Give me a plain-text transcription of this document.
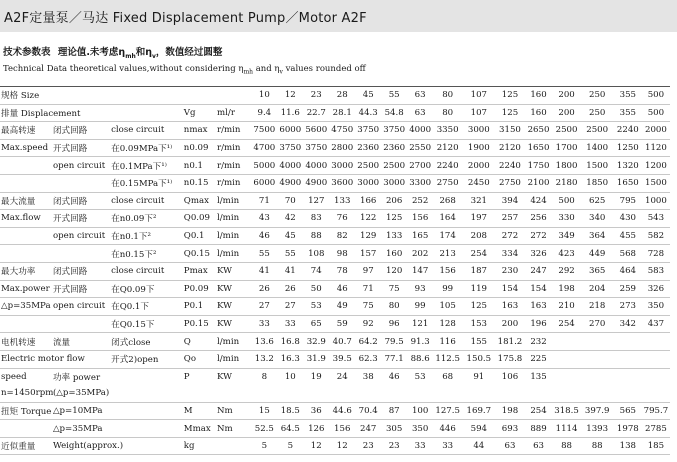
A2F定量泵／马达 Fixed Displacement Pump／Motor A2F
技术参数表 理论值.未考虑$\eta_{mh}$和$\eta_v$，数值经过圆整
Technical Data theoretical values,without considering $\eta_{mh}$ and $\eta_v$ values rounded off
规格 Size					10	12	23	28	45	55	63	80	107	125	160	200	250	355	500
排量 Displacement			Vg	ml/r	9.4	11.6	22.7	28.1	44.3	54.8	63	80	107	125	160	200	250	355	500
最高转速	闭式回路	close circuit	nmax	r/min	7500	6000	5600	4750	3750	3750	4000	3350	3000	3150	2650	2500	2500	2240	2000
Max.speed	开式回路	在0.09MPa下¹⁾	n0.09	r/min	4700	3750	3750	2800	2360	2360	2550	2120	1900	2120	1650	1700	1400	1250	1120
	open circuit	在0.1MPa下¹⁾	n0.1	r/min	5000	4000	4000	3000	2500	2500	2700	2240	2000	2240	1750	1800	1500	1320	1200
		在0.15MPa下¹⁾	n0.15	r/min	6000	4900	4900	3600	3000	3000	3300	2750	2450	2750	2100	2180	1850	1650	1500
最大流量	闭式回路	close circuit	Qmax	l/min	71	70	127	133	166	206	252	268	321	394	424	500	625	795	1000
Max.flow	开式回路	在n0.09下²	Q0.09	l/min	43	42	83	76	122	125	156	164	197	257	256	330	340	430	543
	open circuit	在n0.1下²	Q0.1	l/min	46	45	88	82	129	133	165	174	208	272	272	349	364	455	582
		在n0.15下²	Q0.15	l/min	55	55	108	98	157	160	202	213	254	334	326	423	449	568	728
最大功率	闭式回路	close circuit	Pmax	KW	41	41	74	78	97	120	147	156	187	230	247	292	365	464	583
Max.power	开式回路	在Q0.09下	P0.09	KW	26	26	50	46	71	75	93	99	119	154	154	198	204	259	326
△p=35MPa	open circuit	在Q0.1下	P0.1	KW	27	27	53	49	75	80	99	105	125	163	163	210	218	273	350
		在Q0.15下	P0.15	KW	33	33	65	59	92	96	121	128	153	200	196	254	270	342	437
电机转速	流量	闭式close	Q	l/min	13.6	16.8	32.9	40.7	64.2	79.5	91.3	116	155	181.2	232				
Electric motor flow		开式2)open	Qo	l/min	13.2	16.3	31.9	39.5	62.3	77.1	88.6	112.5	150.5	175.8	225				
speed	功率 power		P	KW	8	10	19	24	38	46	53	68	91	106	135				
n=1450rpm	(△p=35MPa)																		
扭矩 Torque	△p=10MPa		M	Nm	15	18.5	36	44.6	70.4	87	100	127.5	169.7	198	254	318.5	397.9	565	795.7
	△p=35MPa		Mmax	Nm	52.5	64.5	126	156	247	305	350	446	594	693	889	1114	1393	1978	2785
近似重量	Weight(approx.)		kg		5	5	12	12	23	23	33	33	44	63	63	88	88	138	185
